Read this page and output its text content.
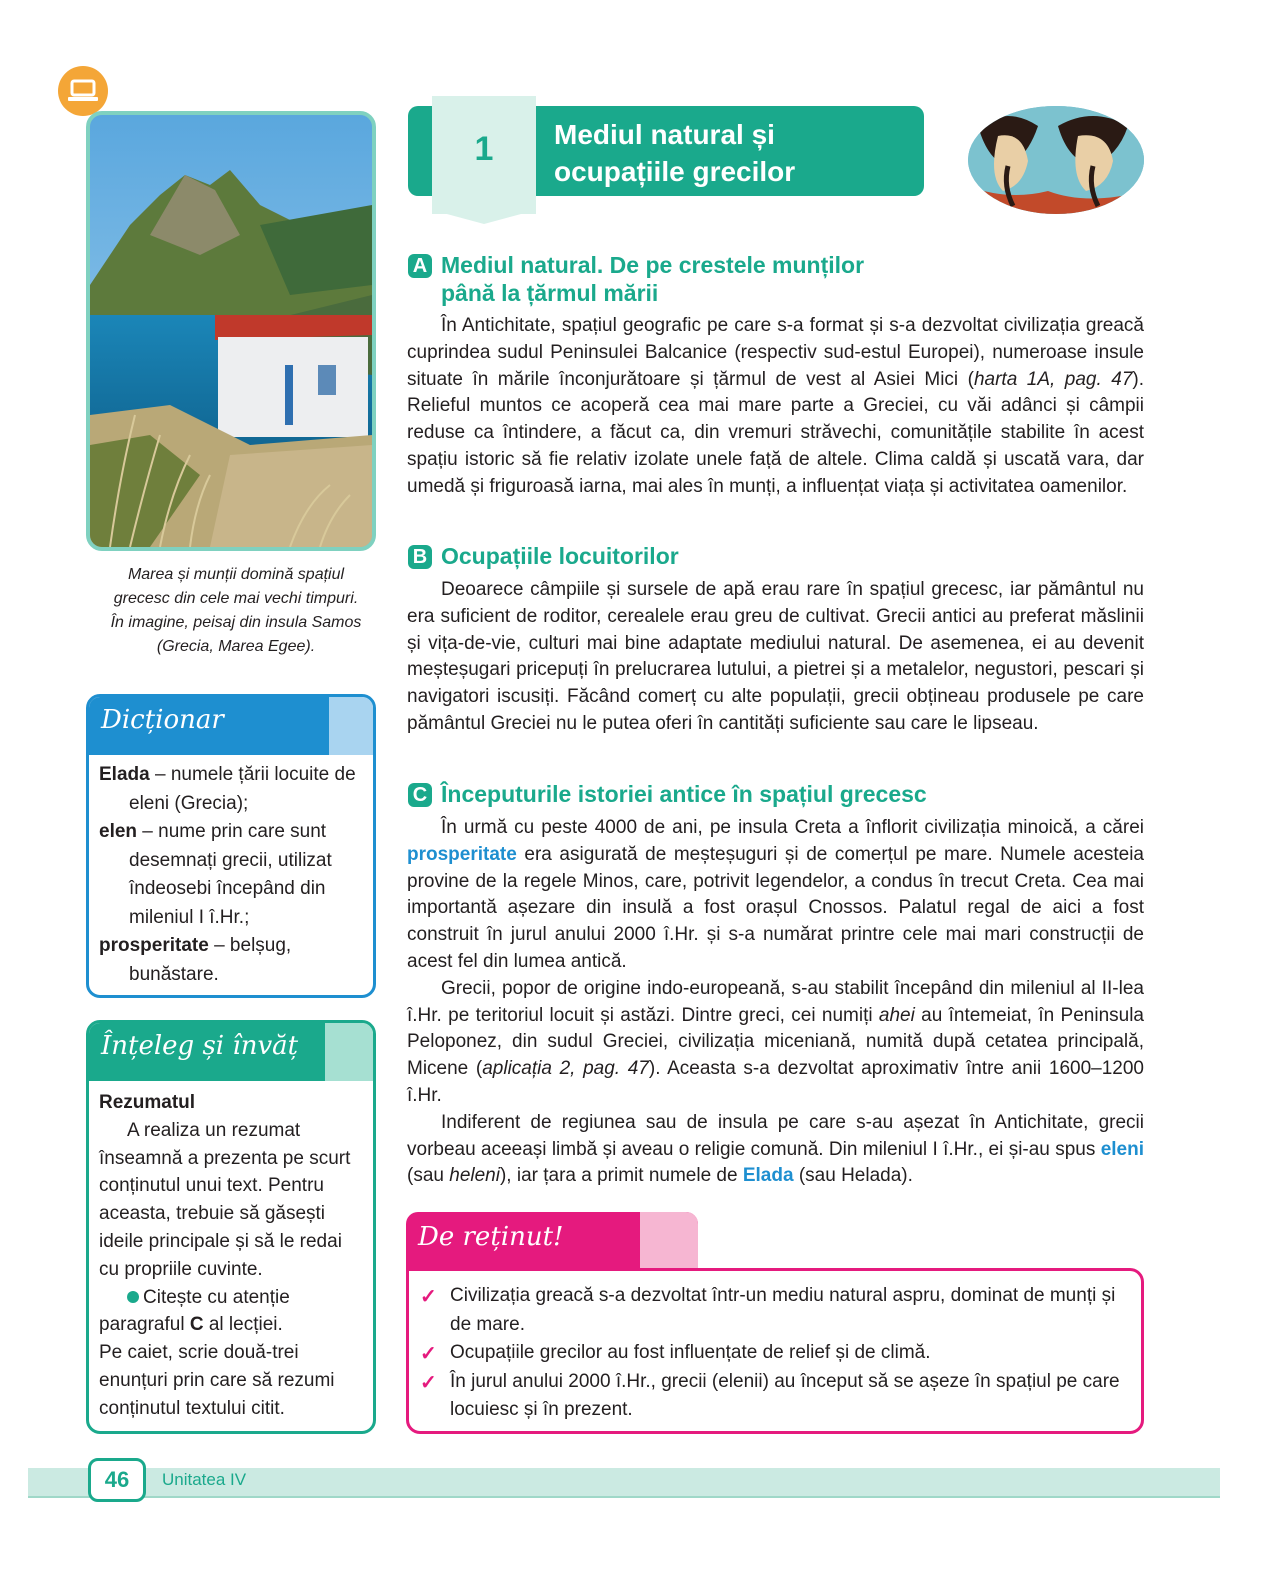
Marea și munții domină spațiul
grecesc din cele mai vechi timpuri.
În imagine, peisaj din insula Samos
(Grecia, Marea Egee).
Dicționar
Elada – numele țării locuite de eleni (Grecia);
elen – nume prin care sunt desemnați grecii, utilizat îndeosebi începând din mileniul I î.Hr.;
prosperitate – belșug, bunăstare.
Înțeleg și învăț
Rezumatul
A realiza un rezumat înseamnă a prezenta pe scurt conținutul unui text. Pentru aceasta, trebuie să găsești ideile principale și să le redai cu propriile cuvinte.
Citește cu atenție paragraful C al lecției.
Pe caiet, scrie două-trei enunțuri prin care să rezumi conținutul textului citit.
1	Mediul natural și
ocupațiile grecilor
A Mediul natural. De pe crestele munților
până la țărmul mării

În Antichitate, spațiul geografic pe care s-a format și s-a dezvoltat civilizația greacă cuprindea sudul Peninsulei Balcanice (respectiv sud-estul Europei), numeroase insule situate în mările înconjurătoare și țărmul de vest al Asiei Mici (harta 1A, pag. 47). Relieful muntos ce acoperă cea mai mare parte a Greciei, cu văi adânci și câmpii reduse ca întindere, a făcut ca, din vremuri străvechi, comunitățile stabilite în acest spațiu istoric să fie relativ izolate unele față de altele. Clima caldă și uscată vara, dar umedă și friguroasă iarna, mai ales în munți, a influențat viața și activitatea oamenilor.

B Ocupațiile locuitorilor

Deoarece câmpiile și sursele de apă erau rare în spațiul grecesc, iar pământul nu era suficient de roditor, cerealele erau greu de cultivat. Grecii antici au preferat măslinii și vița-de-vie, culturi mai bine adaptate mediului natural. De asemenea, ei au devenit meșteșugari pricepuți în prelucrarea lutului, a pietrei și a metalelor, negustori, pescari și navigatori iscusiți. Făcând comerț cu alte populații, grecii obțineau produsele pe care pământul Greciei nu le putea oferi în cantități suficiente sau care le lipseau.

C Începuturile istoriei antice în spațiul grecesc

În urmă cu peste 4000 de ani, pe insula Creta a înflorit civilizația minoică, a cărei prosperitate era asigurată de meșteșuguri și de comerțul pe mare. Numele acesteia provine de la regele Minos, care, potrivit legendelor, a condus în trecut Creta. Cea mai importantă așezare din insulă a fost orașul Cnossos. Palatul regal de aici a fost construit în jurul anului 2000 î.Hr. și s-a numărat printre cele mai mari construcții de acest fel din lumea antică.

Grecii, popor de origine indo-europeană, s-au stabilit începând din mileniul al II-lea î.Hr. pe teritoriul locuit și astăzi. Dintre greci, cei numiți ahei au întemeiat, în Peninsula Peloponez, din sudul Greciei, civilizația miceniană, numită după cetatea principală, Micene (aplicația 2, pag. 47). Aceasta s-a dezvoltat aproximativ între anii 1600–1200 î.Hr.

Indiferent de regiunea sau de insula pe care s-au așezat în Antichitate, grecii vorbeau aceeași limbă și aveau o religie comună. Din mileniul I î.Hr., ei și-au spus eleni (sau heleni), iar țara a primit numele de Elada (sau Helada).

De reținut!
✓ Civilizația greacă s-a dezvoltat într-un mediu natural aspru, dominat de munți și de mare.
✓ Ocupațiile grecilor au fost influențate de relief și de climă.
✓ În jurul anului 2000 î.Hr., grecii (elenii) au început să se așeze în spațiul pe care locuiesc și în prezent.
46	Unitatea IV
